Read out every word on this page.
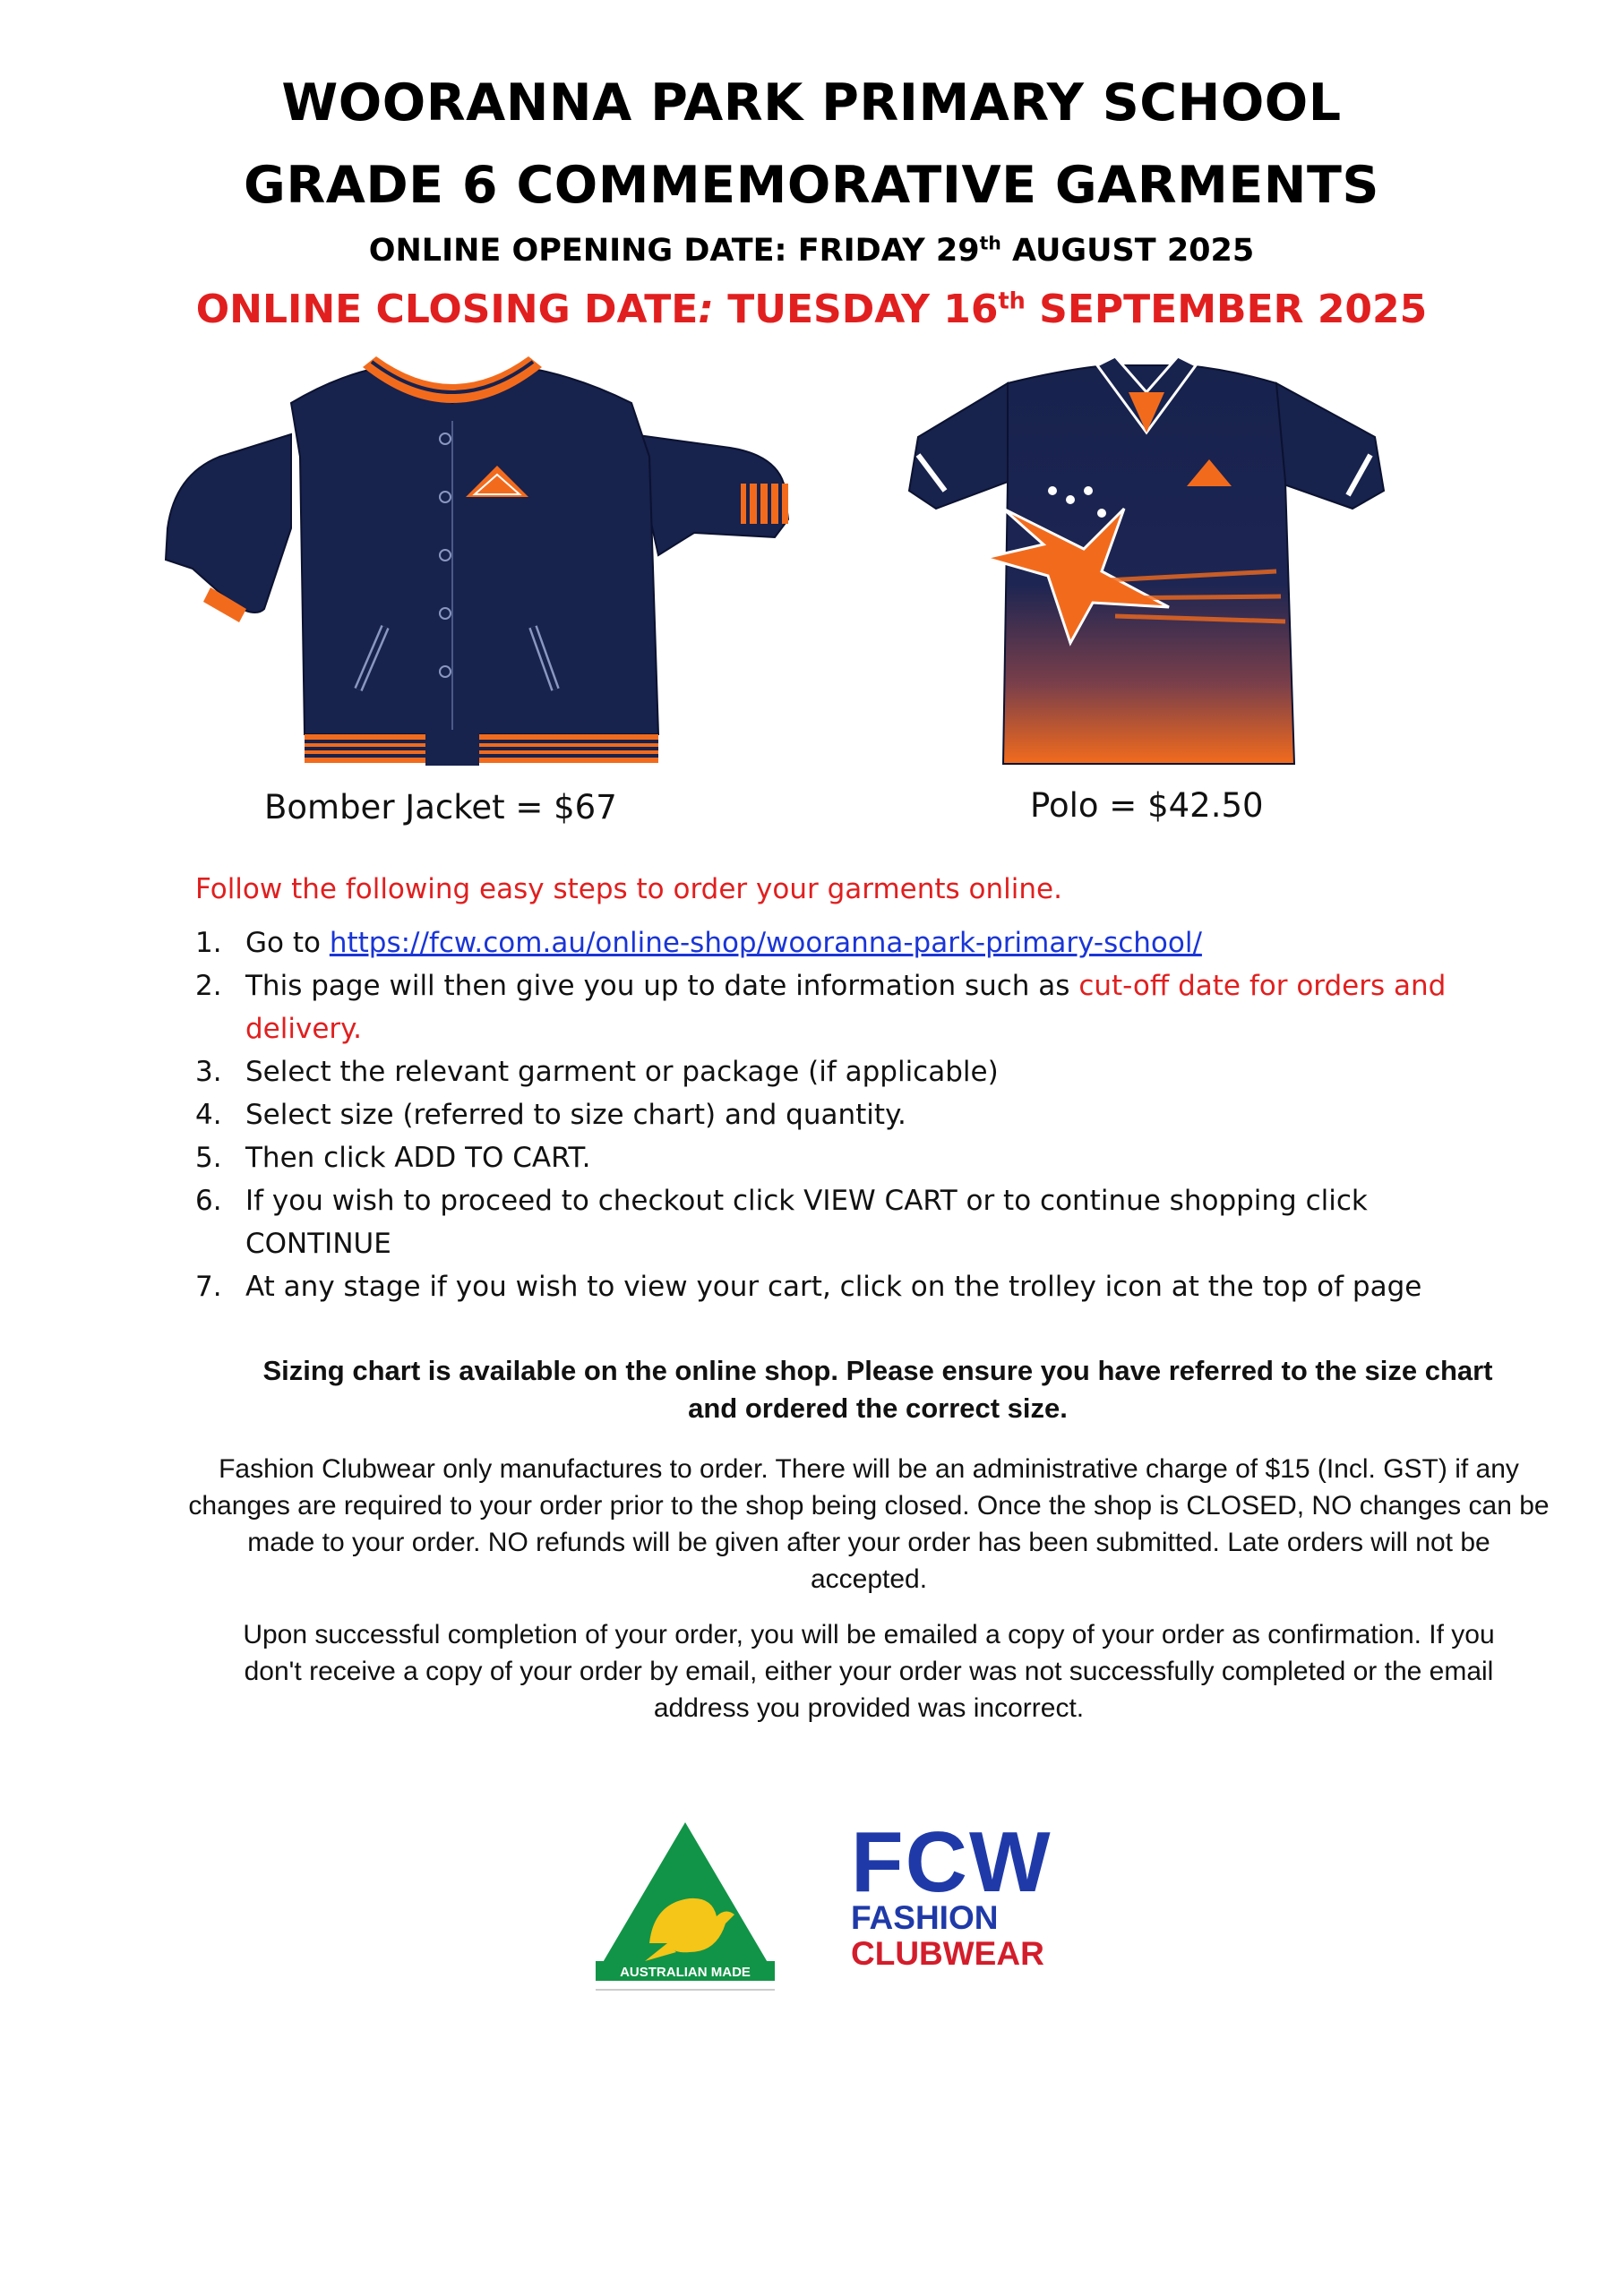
WOORANNA PARK PRIMARY SCHOOL
GRADE 6 COMMEMORATIVE GARMENTS
ONLINE OPENING DATE: FRIDAY 29th AUGUST 2025
ONLINE CLOSING DATE: TUESDAY 16th SEPTEMBER 2025
Bomber Jacket = $67	Polo = $42.50
Follow the following easy steps to order your garments online.
1. Go to https://fcw.com.au/online-shop/wooranna-park-primary-school/
2. This page will then give you up to date information such as cut-off date for orders and delivery.
3. Select the relevant garment or package (if applicable)
4. Select size (referred to size chart) and quantity.
5. Then click ADD TO CART.
6. If you wish to proceed to checkout click VIEW CART or to continue shopping click CONTINUE
7. At any stage if you wish to view your cart, click on the trolley icon at the top of page
Sizing chart is available on the online shop. Please ensure you have referred to the size chart and ordered the correct size.
Fashion Clubwear only manufactures to order. There will be an administrative charge of $15 (Incl. GST) if any changes are required to your order prior to the shop being closed. Once the shop is CLOSED, NO changes can be made to your order. NO refunds will be given after your order has been submitted. Late orders will not be accepted.
Upon successful completion of your order, you will be emailed a copy of your order as confirmation. If you don't receive a copy of your order by email, either your order was not successfully completed or the email address you provided was incorrect.
AUSTRALIAN MADE
FCW
FASHION
CLUBWEAR
